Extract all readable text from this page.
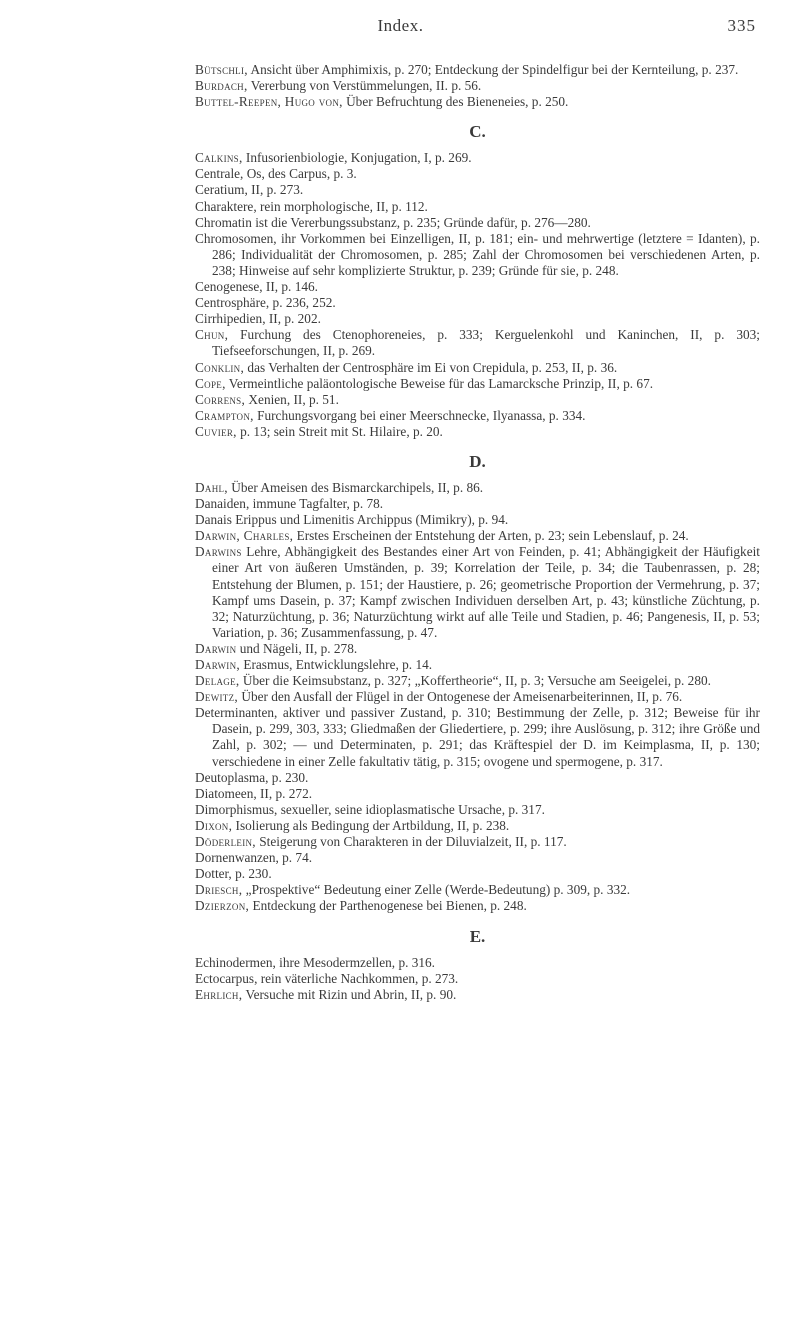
Index.	335

Bütschli, Ansicht über Amphimixis, p. 270; Entdeckung der Spindelfigur bei der Kernteilung, p. 237.

Burdach, Vererbung von Verstümmelungen, II. p. 56.

Buttel-Reepen, Hugo von, Über Befruchtung des Bieneneies, p. 250.

C.

Calkins, Infusorienbiologie, Konjugation, I, p. 269.

Centrale, Os, des Carpus, p. 3.

Ceratium, II, p. 273.

Charaktere, rein morphologische, II, p. 112.

Chromatin ist die Vererbungssubstanz, p. 235; Gründe dafür, p. 276—280.

Chromosomen, ihr Vorkommen bei Einzelligen, II, p. 181; ein- und mehrwertige (letztere = Idanten), p. 286; Individualität der Chromosomen, p. 285; Zahl der Chromosomen bei verschiedenen Arten, p. 238; Hinweise auf sehr komplizierte Struktur, p. 239; Gründe für sie, p. 248.

Cenogenese, II, p. 146.

Centrosphäre, p. 236, 252.

Cirrhipedien, II, p. 202.

Chun, Furchung des Ctenophoreneies, p. 333; Kerguelenkohl und Kaninchen, II, p. 303; Tiefseeforschungen, II, p. 269.

Conklin, das Verhalten der Centrosphäre im Ei von Crepidula, p. 253, II, p. 36.

Cope, Vermeintliche paläontologische Beweise für das Lamarcksche Prinzip, II, p. 67.

Correns, Xenien, II, p. 51.

Crampton, Furchungsvorgang bei einer Meerschnecke, Ilyanassa, p. 334.

Cuvier, p. 13; sein Streit mit St. Hilaire, p. 20.

D.

Dahl, Über Ameisen des Bismarckarchipels, II, p. 86.

Danaiden, immune Tagfalter, p. 78.

Danais Erippus und Limenitis Archippus (Mimikry), p. 94.

Darwin, Charles, Erstes Erscheinen der Entstehung der Arten, p. 23; sein Lebenslauf, p. 24.

Darwins Lehre, Abhängigkeit des Bestandes einer Art von Feinden, p. 41; Abhängigkeit der Häufigkeit einer Art von äußeren Umständen, p. 39; Korrelation der Teile, p. 34; die Taubenrassen, p. 28; Entstehung der Blumen, p. 151; der Haustiere, p. 26; geometrische Proportion der Vermehrung, p. 37; Kampf ums Dasein, p. 37; Kampf zwischen Individuen derselben Art, p. 43; künstliche Züchtung, p. 32; Naturzüchtung, p. 36; Naturzüchtung wirkt auf alle Teile und Stadien, p. 46; Pangenesis, II, p. 53; Variation, p. 36; Zusammenfassung, p. 47.

Darwin und Nägeli, II, p. 278.

Darwin, Erasmus, Entwicklungslehre, p. 14.

Delage, Über die Keimsubstanz, p. 327; „Koffertheorie“, II, p. 3; Versuche am Seeigelei, p. 280.

Dewitz, Über den Ausfall der Flügel in der Ontogenese der Ameisenarbeiterinnen, II, p. 76.

Determinanten, aktiver und passiver Zustand, p. 310; Bestimmung der Zelle, p. 312; Beweise für ihr Dasein, p. 299, 303, 333; Gliedmaßen der Gliedertiere, p. 299; ihre Auslösung, p. 312; ihre Größe und Zahl, p. 302; — und Determinaten, p. 291; das Kräftespiel der D. im Keimplasma, II, p. 130; verschiedene in einer Zelle fakultativ tätig, p. 315; ovogene und spermogene, p. 317.

Deutoplasma, p. 230.

Diatomeen, II, p. 272.

Dimorphismus, sexueller, seine idioplasmatische Ursache, p. 317.

Dixon, Isolierung als Bedingung der Artbildung, II, p. 238.

Döderlein, Steigerung von Charakteren in der Diluvialzeit, II, p. 117.

Dornenwanzen, p. 74.

Dotter, p. 230.

Driesch, „Prospektive“ Bedeutung einer Zelle (Werde-Bedeutung) p. 309, p. 332.

Dzierzon, Entdeckung der Parthenogenese bei Bienen, p. 248.

E.

Echinodermen, ihre Mesodermzellen, p. 316.

Ectocarpus, rein väterliche Nachkommen, p. 273.

Ehrlich, Versuche mit Rizin und Abrin, II, p. 90.
